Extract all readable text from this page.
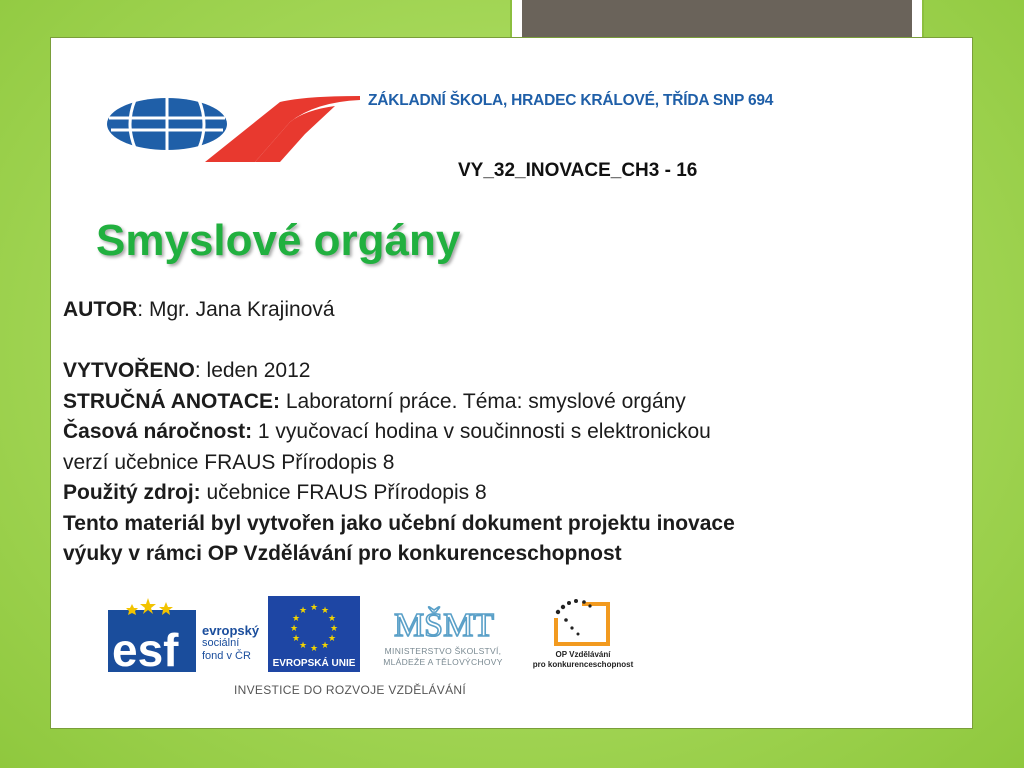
ZÁKLADNÍ ŠKOLA, HRADEC KRÁLOVÉ, TŘÍDA SNP 694
VY_32_INOVACE_CH3 - 16
Smyslové orgány
AUTOR: Mgr. Jana Krajinová
VYTVOŘENO: leden 2012
STRUČNÁ ANOTACE: Laboratorní práce. Téma: smyslové orgány
Časová náročnost: 1 vyučovací hodina v součinnosti s elektronickou
verzí učebnice FRAUS Přírodopis 8
Použitý zdroj: učebnice FRAUS Přírodopis 8
Tento materiál byl vytvořen jako učební dokument projektu inovace
výuky v rámci OP Vzdělávání pro konkurenceschopnost
esf evropský
sociální
fond v ČR
★ ★
★
★
★
★
★
★
★
★
★
★
EVROPSKÁ UNIE
MŠMT
MINISTERSTVO ŠKOLSTVÍ,
MLÁDEŽE A TĚLOVÝCHOVY
OP Vzdělávání
pro konkurenceschopnost
INVESTICE DO ROZVOJE VZDĚLÁVÁNÍ
